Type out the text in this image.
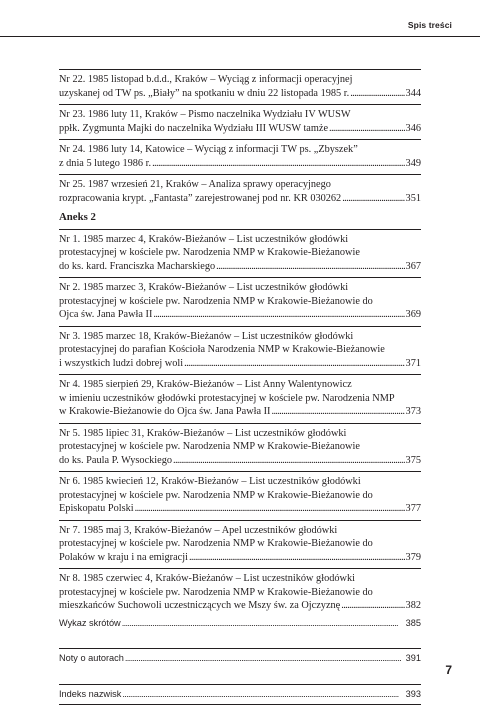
Spis treści
Nr 22. 1985 listopad b.d.d., Kraków – Wyciąg z informacji operacyjnej
uzyskanej od TW ps. „Biały” na spotkaniu w dniu 22 listopada 1985 r. . . .	344
Nr 23. 1986 luty 11, Kraków – Pismo naczelnika Wydziału IV WUSW
ppłk. Zygmunta Majki do naczelnika Wydziału III WUSW tamże . . .	346
Nr 24. 1986 luty 14, Katowice – Wyciąg z informacji TW ps. „Zbyszek”
z dnia 5 lutego 1986 r. . . .	349
Nr 25. 1987 wrzesień 21, Kraków – Analiza sprawy operacyjnego
rozpracowania krypt. „Fantasta” zarejestrowanej pod nr. KR 030262 . . .	351
Aneks 2
Nr 1. 1985 marzec 4, Kraków-Bieżanów – List uczestników głodówki
protestacyjnej w kościele pw. Narodzenia NMP w Krakowie-Bieżanowie
do ks. kard. Franciszka Macharskiego . . .	367
Nr 2. 1985 marzec 3, Kraków-Bieżanów – List uczestników głodówki
protestacyjnej w kościele pw. Narodzenia NMP w Krakowie-Bieżanowie do
Ojca św. Jana Pawła II . . .	369
Nr 3. 1985 marzec 18, Kraków-Bieżanów – List uczestników głodówki
protestacyjnej do parafian Kościoła Narodzenia NMP w Krakowie-Bieżanowie
i wszystkich ludzi dobrej woli . . .	371
Nr 4. 1985 sierpień 29, Kraków-Bieżanów – List Anny Walentynowicz
w imieniu uczestników głodówki protestacyjnej w kościele pw. Narodzenia NMP
w Krakowie-Bieżanowie do Ojca św. Jana Pawła II . . .	373
Nr 5. 1985 lipiec 31, Kraków-Bieżanów – List uczestników głodówki
protestacyjnej w kościele pw. Narodzenia NMP w Krakowie-Bieżanowie
do ks. Paula P. Wysockiego . . .	375
Nr 6. 1985 kwiecień 12, Kraków-Bieżanów – List uczestników głodówki
protestacyjnej w kościele pw. Narodzenia NMP w Krakowie-Bieżanowie do
Episkopatu Polski . . .	377
Nr 7. 1985 maj 3, Kraków-Bieżanów – Apel uczestników głodówki
protestacyjnej w kościele pw. Narodzenia NMP w Krakowie-Bieżanowie do
Polaków w kraju i na emigracji . . .	379
Nr 8. 1985 czerwiec 4, Kraków-Bieżanów – List uczestników głodówki
protestacyjnej w kościele pw. Narodzenia NMP w Krakowie-Bieżanowie do
mieszkańców Suchowoli uczestniczących we Mszy św. za Ojczyznę . . .	382
Wykaz skrótów . . .	385
Noty o autorach . . .	391
Indeks nazwisk . . .	393
7
